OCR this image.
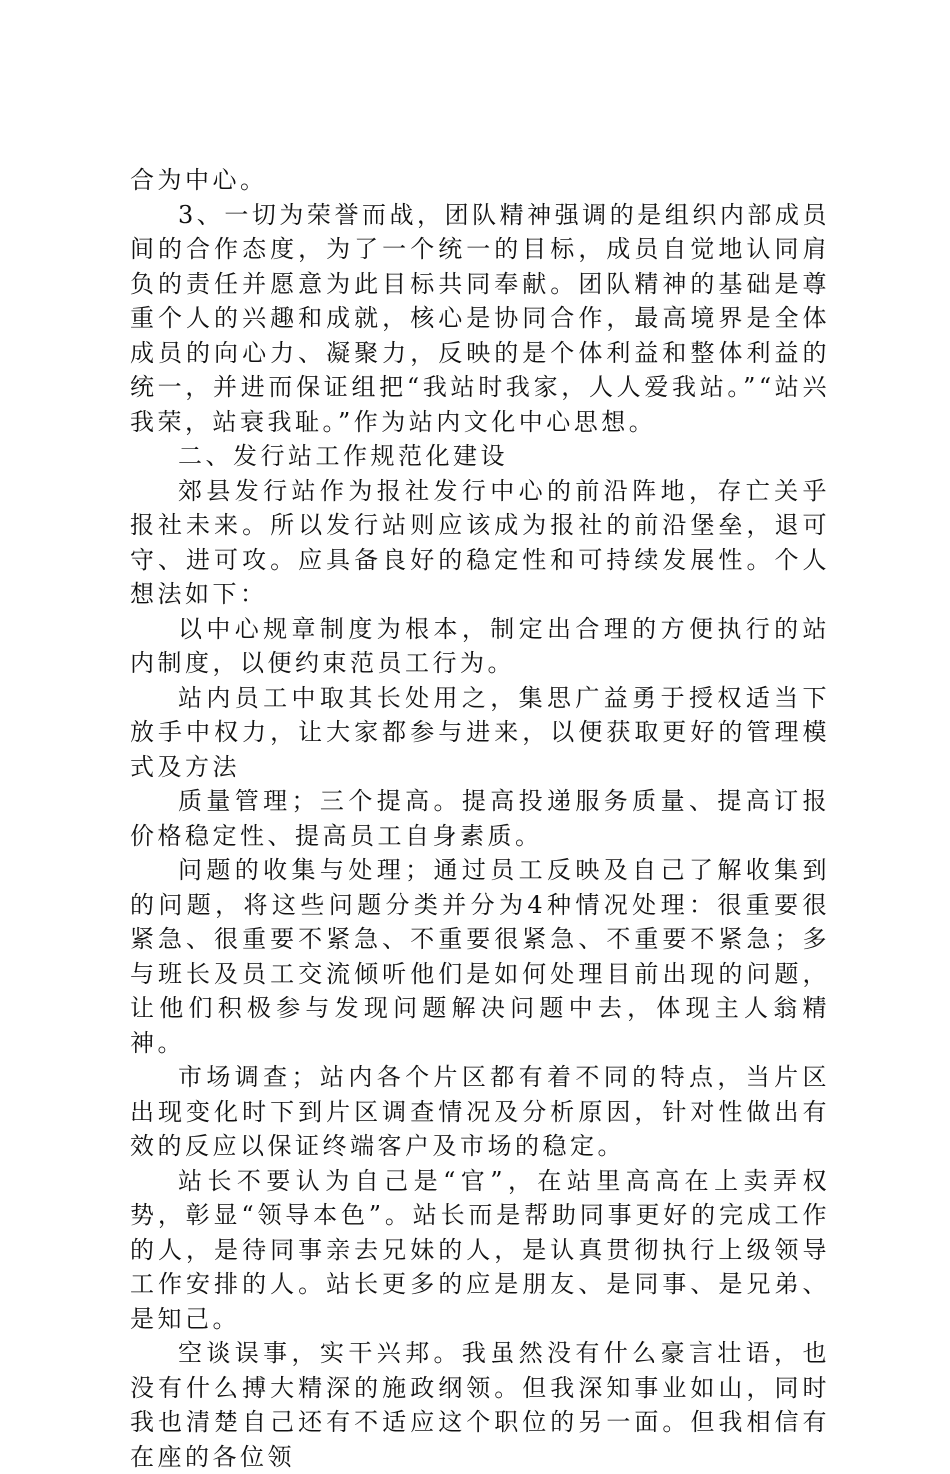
合为中心。

3、一切为荣誉而战，团队精神强调的是组织内部成员间的合作态度，为了一个统一的目标，成员自觉地认同肩负的责任并愿意为此目标共同奉献。团队精神的基础是尊重个人的兴趣和成就，核心是协同合作，最高境界是全体成员的向心力、凝聚力，反映的是个体利益和整体利益的统一，并进而保证组把“我站时我家，人人爱我站。”“站兴我荣，站衰我耻。”作为站内文化中心思想。

二、发行站工作规范化建设

郊县发行站作为报社发行中心的前沿阵地，存亡关乎报社未来。所以发行站则应该成为报社的前沿堡垒，退可守、进可攻。应具备良好的稳定性和可持续发展性。个人想法如下：

以中心规章制度为根本，制定出合理的方便执行的站内制度，以便约束范员工行为。

站内员工中取其长处用之，集思广益勇于授权适当下放手中权力，让大家都参与进来，以便获取更好的管理模式及方法

质量管理；三个提高。提高投递服务质量、提高订报价格稳定性、提高员工自身素质。

问题的收集与处理；通过员工反映及自己了解收集到的问题，将这些问题分类并分为4种情况处理：很重要很紧急、很重要不紧急、不重要很紧急、不重要不紧急；多与班长及员工交流倾听他们是如何处理目前出现的问题，让他们积极参与发现问题解决问题中去，体现主人翁精神。

市场调查；站内各个片区都有着不同的特点，当片区出现变化时下到片区调查情况及分析原因，针对性做出有效的反应以保证终端客户及市场的稳定。

站长不要认为自己是“官”，在站里高高在上卖弄权势，彰显“领导本色”。站长而是帮助同事更好的完成工作的人，是待同事亲去兄妹的人，是认真贯彻执行上级领导工作安排的人。站长更多的应是朋友、是同事、是兄弟、是知己。

空谈误事，实干兴邦。我虽然没有什么豪言壮语，也没有什么搏大精深的施政纲领。但我深知事业如山，同时我也清楚自己还有不适应这个职位的另一面。但我相信有在座的各位领
